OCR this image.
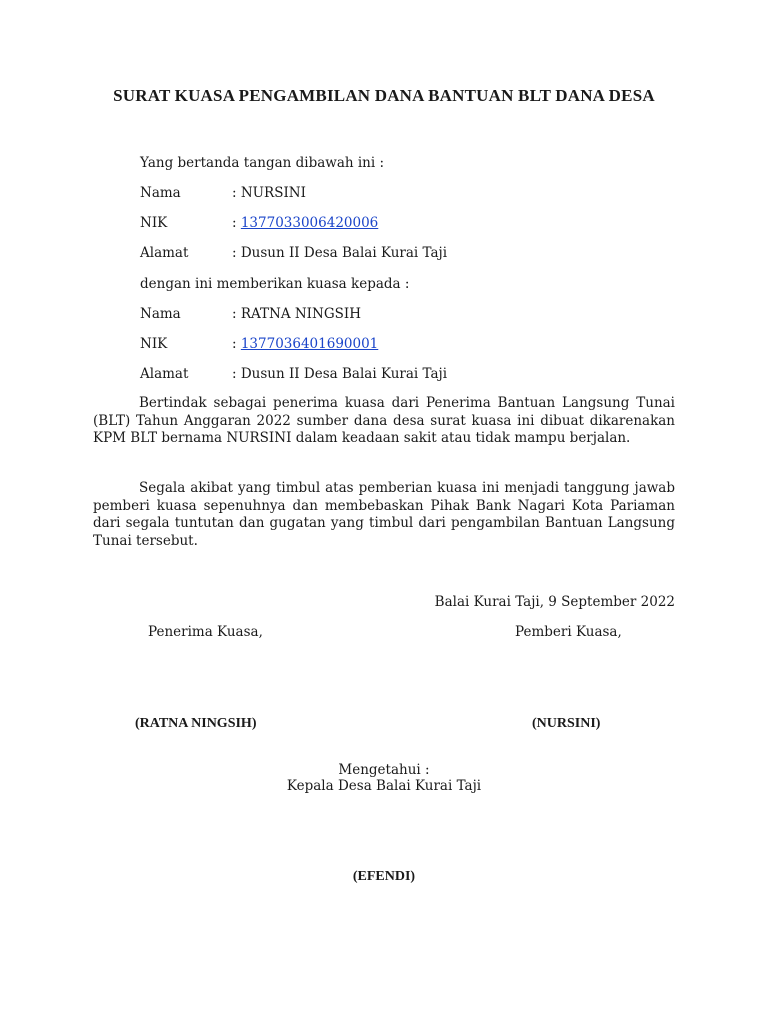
SURAT KUASA PENGAMBILAN DANA BANTUAN BLT DANA DESA
Yang bertanda tangan dibawah ini :
Nama	: NURSINI
NIK	: 1377033006420006
Alamat	: Dusun II Desa Balai Kurai Taji
dengan ini memberikan kuasa kepada :
Nama	: RATNA NINGSIH
NIK	: 1377036401690001
Alamat	: Dusun II Desa Balai Kurai Taji
Bertindak sebagai penerima kuasa dari Penerima Bantuan Langsung Tunai (BLT) Tahun Anggaran 2022 sumber dana desa surat kuasa ini dibuat dikarenakan KPM BLT bernama NURSINI dalam keadaan sakit atau tidak mampu berjalan.
Segala akibat yang timbul atas pemberian kuasa ini menjadi tanggung jawab pemberi kuasa sepenuhnya dan membebaskan Pihak Bank Nagari Kota Pariaman dari segala tuntutan dan gugatan yang timbul dari pengambilan Bantuan Langsung Tunai tersebut.
Balai Kurai Taji, 9 September 2022
Penerima Kuasa,	Pemberi Kuasa,
(RATNA NINGSIH)	(NURSINI)
Mengetahui :
Kepala Desa Balai Kurai Taji
(EFENDI)
